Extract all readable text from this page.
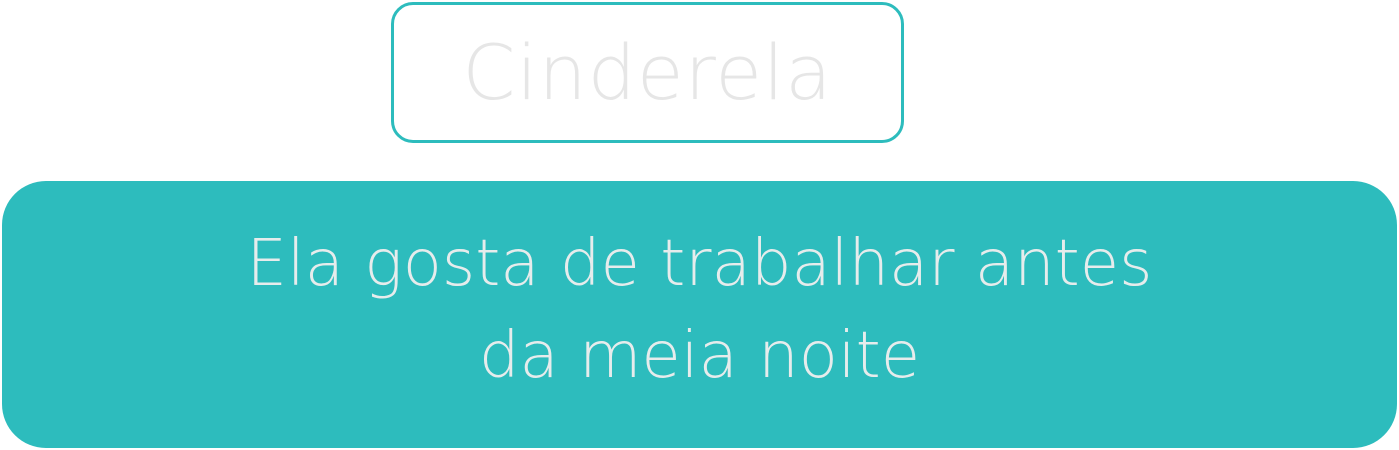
Cinderela
Ela gosta de trabalhar antes
da meia noite
